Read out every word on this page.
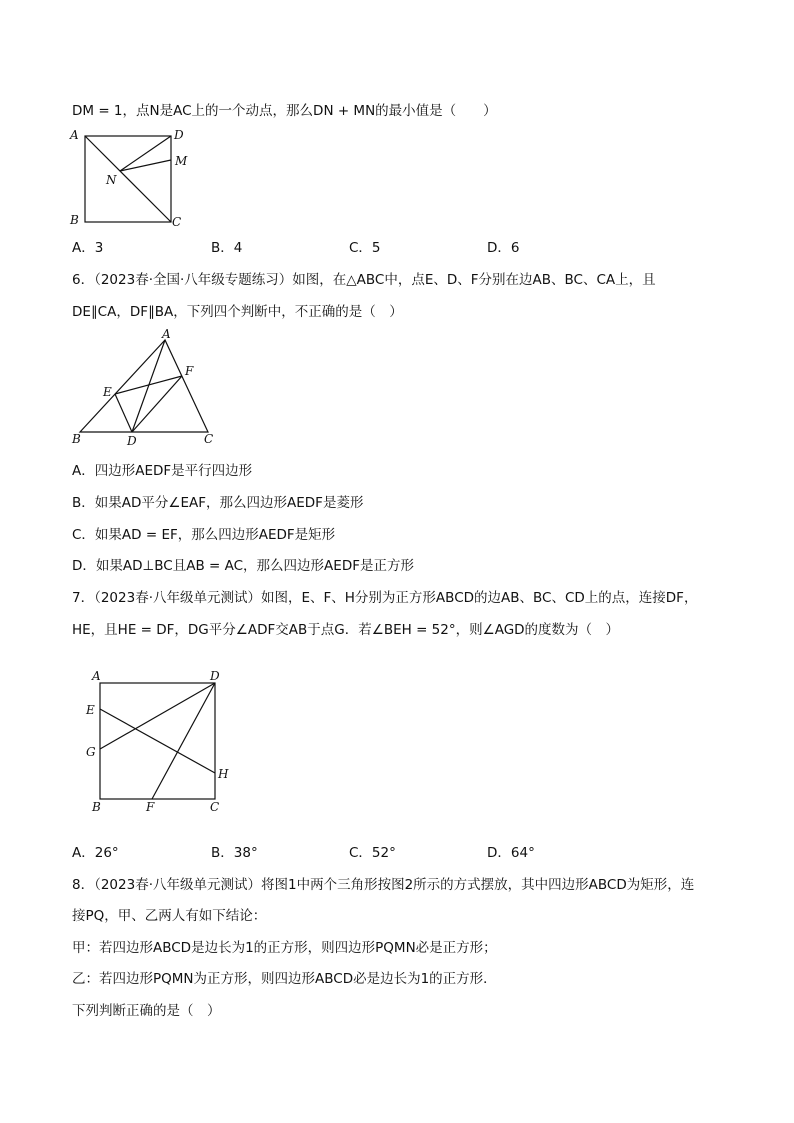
DM = 1，点N是AC上的一个动点，那么DN + MN的最小值是（　　）
A	D
M
N
B	C
A．3	B．4	C．5	D．6
6．（2023春·全国·八年级专题练习）如图，在△ABC中，点E、D、F分别在边AB、BC、CA上，且
DE∥CA，DF∥BA，下列四个判断中，不正确的是（　）
A
F
E
B	D	C
A．四边形AEDF是平行四边形
B．如果AD平分∠EAF，那么四边形AEDF是菱形
C．如果AD = EF，那么四边形AEDF是矩形
D．如果AD⊥BC且AB = AC，那么四边形AEDF是正方形
7．（2023春·八年级单元测试）如图，E、F、H分别为正方形ABCD的边AB、BC、CD上的点，连接DF，
HE，且HE = DF，DG平分∠ADF交AB于点G．若∠BEH = 52°，则∠AGD的度数为（　）
A	D
E
G
H
B	F	C
A．26°	B．38°	C．52°	D．64°
8．（2023春·八年级单元测试）将图1中两个三角形按图2所示的方式摆放，其中四边形ABCD为矩形，连
接PQ，甲、乙两人有如下结论：
甲：若四边形ABCD是边长为1的正方形，则四边形PQMN必是正方形；
乙：若四边形PQMN为正方形，则四边形ABCD必是边长为1的正方形．
下列判断正确的是（　）
